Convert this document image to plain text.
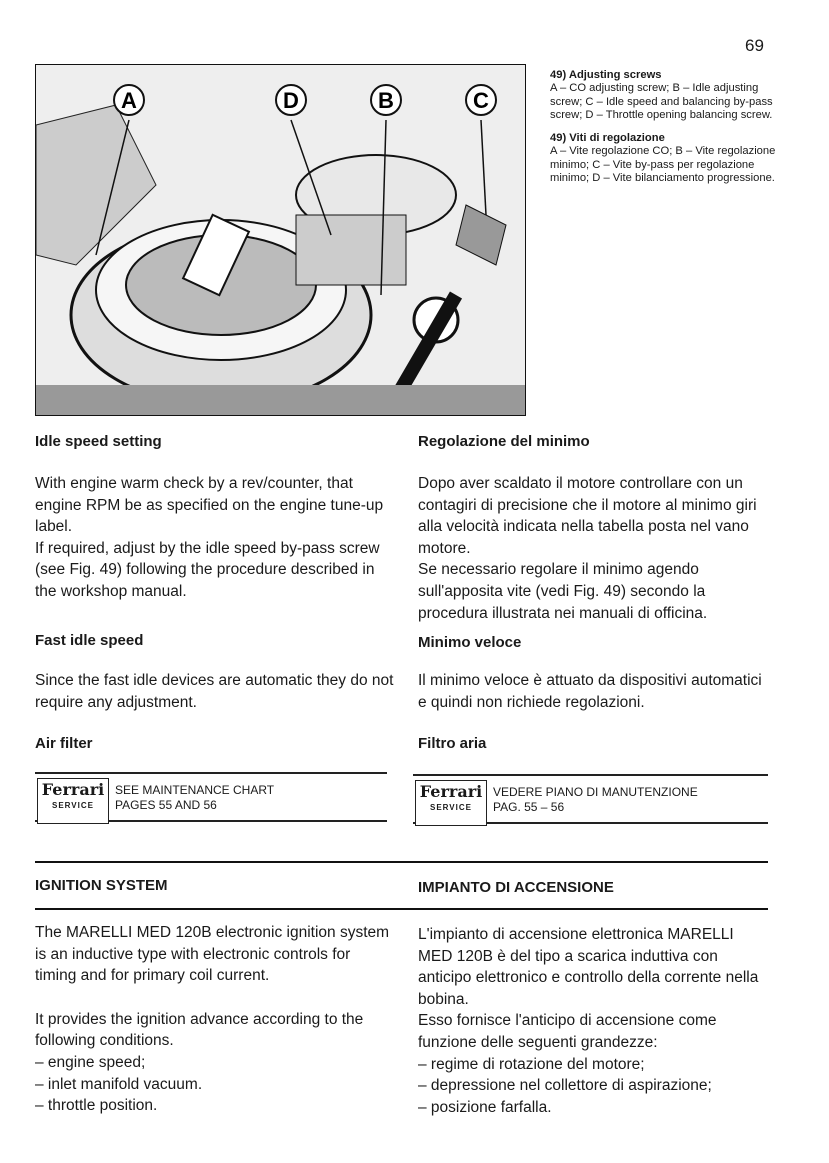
69
A	D	B	C

49) Adjusting screws
A – CO adjusting screw; B – Idle adjusting screw; C – Idle speed and balancing by-pass screw; D – Throttle opening balancing screw.

49) Viti di regolazione
A – Vite regolazione CO; B – Vite regolazione minimo; C – Vite by-pass per regolazione minimo; D – Vite bilanciamento progressione.

Idle speed setting

With engine warm check by a rev/counter, that engine RPM be as specified on the engine tune-up label.

If required, adjust by the idle speed by-pass screw (see Fig. 49) following the procedure described in the workshop manual.

Fast idle speed
Since the fast idle devices are automatic they do not require any adjustment.
Air filter
Ferrari
SERVICE
SEE MAINTENANCE CHART
PAGES 55 AND 56
Regolazione del minimo

Dopo aver scaldato il motore controllare con un contagiri di precisione che il motore al minimo giri alla velocità indicata nella tabella posta nel vano motore.

Se necessario regolare il minimo agendo sull'apposita vite (vedi Fig. 49) secondo la procedura illustrata nei manuali di officina.

Minimo veloce
Il minimo veloce è attuato da dispositivi automatici e quindi non richiede regolazioni.
Filtro aria
Ferrari
SERVICE
VEDERE PIANO DI MANUTENZIONE
PAG. 55 – 56
IGNITION SYSTEM	IMPIANTO DI ACCENSIONE

The MARELLI MED 120B electronic ignition system is an inductive type with electronic controls for timing and for primary coil current.

It provides the ignition advance according to the following conditions.

– engine speed;

– inlet manifold vacuum.

– throttle position.

L'impianto di accensione elettronica MARELLI MED 120B è del tipo a scarica induttiva con anticipo elettronico e controllo della corrente nella bobina.

Esso fornisce l'anticipo di accensione come funzione delle seguenti grandezze:

– regime di rotazione del motore;

– depressione nel collettore di aspirazione;

– posizione farfalla.
